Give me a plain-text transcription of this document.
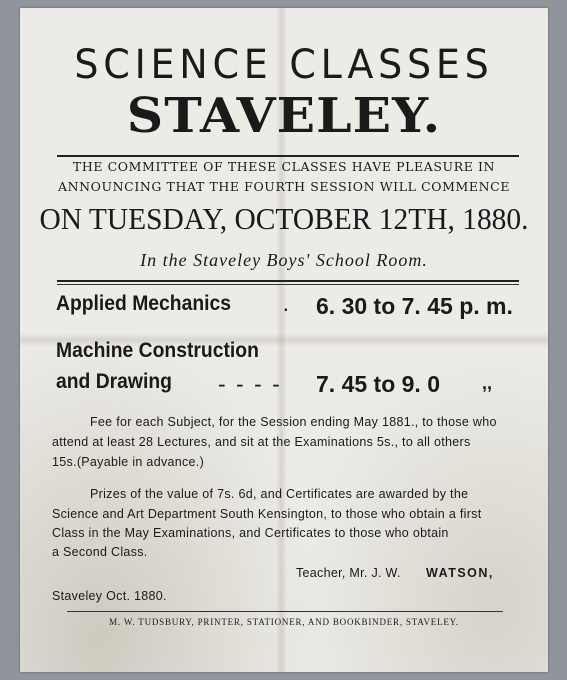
SCIENCE CLASSES
STAVELEY.
THE COMMITTEE OF THESE CLASSES HAVE PLEASURE IN
ANNOUNCING THAT THE FOURTH SESSION WILL COMMENCE
ON TUESDAY, OCTOBER 12TH, 1880.
In the Staveley Boys' School Room.
Applied Mechanics · 6. 30 to 7. 45 p. m.
Machine Construction
and Drawing - - - - 7. 45 to 9. 0 ,,
Fee for each Subject, for the Session ending May 1881., to those who
attend at least 28 Lectures, and sit at the Examinations 5s., to all others
15s.(Payable in advance.)
Prizes of the value of 7s. 6d, and Certificates are awarded by the
Science and Art Department South Kensington, to those who obtain a first
Class in the May Examinations, and Certificates to those who obtain
a Second Class.
Teacher, Mr. J. W. WATSON,
Staveley Oct. 1880.
M. W. TUDSBURY, PRINTER, STATIONER, AND BOOKBINDER, STAVELEY.
